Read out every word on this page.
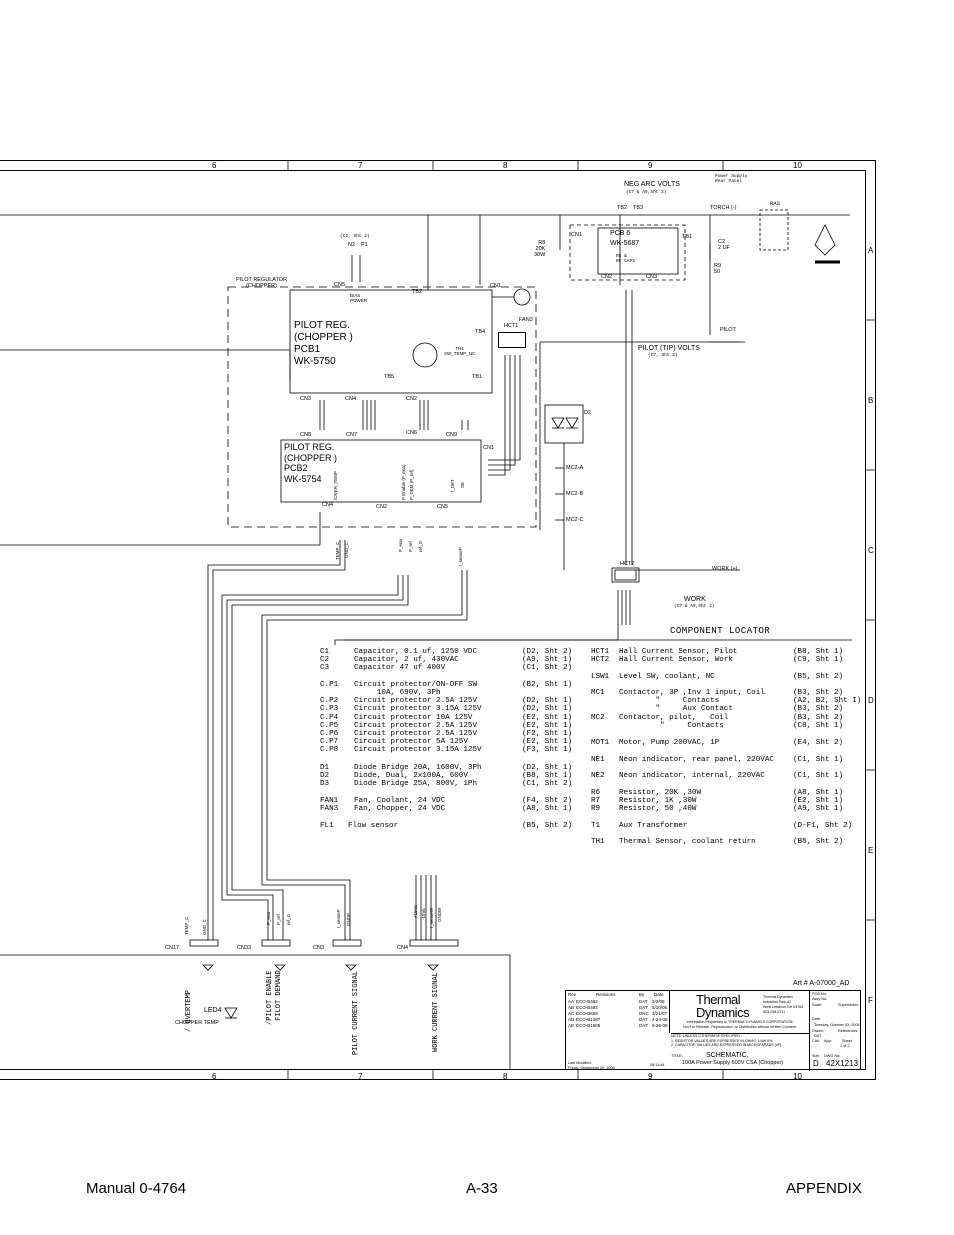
6	7	8	9	10
6	7	8	9	10
A
B
C
D
E
F
NEG ARC VOLTS
(C7 & A9,Sht 2)
Power Supply
Rear Panel
TORCH (-)
RAS
TB2 TB3
CN1	PCB 6
WK-5687
RC &
RF CAPS
R8
20K
30W
TB1
C2
2 UF
R9
50
CN2	CN3
PILOT
PILOT (TIP) VOLTS
(C7, Sht 2)
(C2, Sht 2)
N2 P1
PILOT REGULATOR
(CHOPPER)	CN5
BIAS
POWER
TB2
CN1
FAN3
PILOT REG.
(CHOPPER )
PCB1
WK-5750
TB4
HCT1
TH1
SW_TEMP_NC
TB5	TB1
CN3	CN4	CN2
D2
CN8	CN7	CN6	CN9
CN1
PILOT REG.
(CHOPPER )
PCB2
WK-5754	/OVER_TEMP	P Enable (P_ena) P_DEM (P_ref)	I_DET SE
MC2-A
MC2-B
MC2-C
CN4	CN2	CN5
HCT2
WORK (+)
WORK
(C7 & A9,Sht 2)
TEMP_C GND_C	P_ena P_ref ref_G
I_senseP
COMPONENT LOCATOR
C1	Capacitor, 0.1 uf, 1250 VDC	(D2, Sht 2)
C2	Capacitor, 2 uf, 430VAC	(A9, Sht 1)
C3	Capacitor 47 uf 400V	(C1, Sht 2)
C.P1 Circuit protector/ON-OFF SW	(B2, Sht 1)
10A, 690V, 3Ph
C.P2 Circuit protector 2.5A 125V	(D2, Sht 1)
C.P3 Circuit protector 3.15A 125V	(D2, Sht 1)
C.P4 Circuit protector 10A 125V	(E2, Sht 1)
C.P5 Circuit protector 2.5A 125V	(E2, Sht 1)
C.P6 Circuit protector 2.5A 125V	(F2, Sht 1)
C.P7 Circuit protector 5A 125V	(E2, Sht 1)
C.P8 Circuit protector 3.15A 125V	(F3, Sht 1)
D1	Diode Bridge 20A, 1600V, 3Ph	(D2, Sht 1)
D2	Diode, Dual, 2x100A, 600V	(B8, Sht 1)
D3	Diode Bridge 25A, 800V, 1Ph	(C1, Sht 2)
FAN1 Fan, Coolant, 24 VDC	(F4, Sht 2)
FAN3 Fan, Chopper, 24 VDC	(A8, Sht 1)
FL1 Flow sensor	(B5, Sht 2)
HCT1 Hall Current Sensor, Pilot	(B8, Sht 1)
HCT2 Hall Current Sensor, Work	(C9, Sht 1)
LSW1 Level SW, coolant, NC	(B5, Sht 2)
MC1 Contactor, 3P ,Inv 1 input, Coil	(B3, Sht 2)
"     Contacts	(A2, B2, Sht I)
"     Aux Contact	(B3, Sht 2)
MC2 Contactor, pilot,   Coil	(B3, Sht 2)
"     Contacts	(C8, Sht 1)
MOT1 Motor, Pump 200VAC, 1P	(E4, Sht 2)
NE1 Neon indicator, rear panel, 220VAC	(C1, Sht 1)
NE2 Neon indicator, internal, 220VAC	(C1, Sht 1)
R6 Resistor, 20K ,30W	(A8, Sht 1)
R7 Resistor, 1K ,30W	(E2, Sht 1)
R9 Resistor, 50 ,40W	(A9, Sht 1)
T1 Aux Transformer	(D-F1, Sht 2)
TH1 Thermal Sensor, coolant return	(B5, Sht 2)
CN17	CN33	CN3	CN4
TEMP_C	GND_C
P_ena P_ref ref_G	I_senseP GNDP
+15Va -15Va I_senseW GNDW
/ OVERTEMP	/PILOT ENABLE
FILOT DEMAND	PILOT CURRENT SIGNAL	WORK CURRENT SIGNAL
LED4
CHOPPER TEMP
Art # A-07000_AD
Rev	Revisions	By Date
AA ECO-B482	DAT 2/2/05
AB ECO-B493	DAT 5/10/05
AC ECO-B659	DNC 3/21/07
AD ECO-B1387	DAT 4-24-08
AE ECO-B1505	DAT 9-25-08
Thermal
Dynamics
Thermal Dynamics
Industrial Park #2
West Lebanon NH 03784
603-298-5711
Information Proprietary to THERMAL DYNAMICS CORPORATION.
Not For Release, Reproduction, or Distribution without Written Consent.
NOTE: UNLESS OTHERWISE SPECIFIED -
1. RESISTOR VALUES ARE EXPRESSED IN OHMS, 1/4W 5%.
2. CAPACITOR VALUES ARE EXPRESSED IN MICROFARADS (uF).
PCB No:
Assy No:
Scale	Supersedes
Date:
Tuesday, October 03, 2006
Drawn:
DAT
References
Chk: App:	Sheet
1 of 2
Size DWG No:
D 42X1213
TITLE:	SCHEMATIC,
100A Power Supply 600V CSA (Chopper)
Last Modified:
Friday, September 26, 2008
08:11:44
Manual 0-4764	A-33	APPENDIX
